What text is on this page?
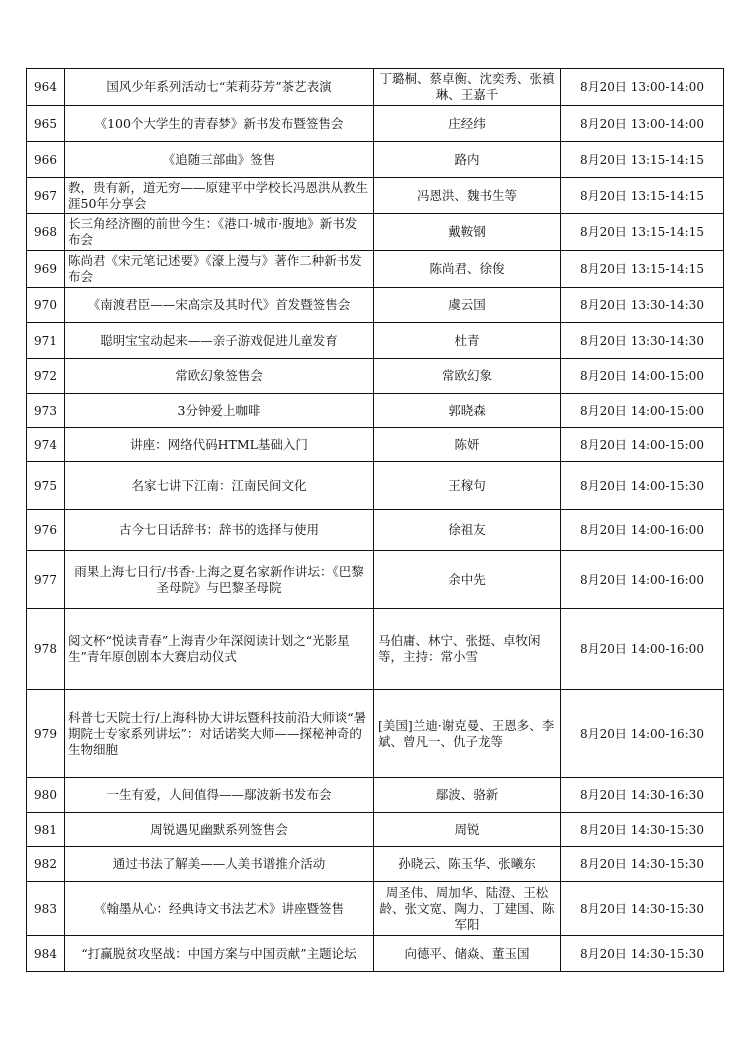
964	国风少年系列活动七“茉莉芬芳”茶艺表演	丁璐桐、蔡卓衡、沈奕秀、张禛琳、王嘉千	8月20日 13:00-14:00
965	《100个大学生的青春梦》新书发布暨签售会	庄经纬	8月20日 13:00-14:00
966	《追随三部曲》签售	路内	8月20日 13:15-14:15
967	教，贵有新，道无穷——原建平中学校长冯恩洪从教生涯50年分享会	冯恩洪、魏书生等	8月20日 13:15-14:15
968	长三角经济圈的前世今生：《港口·城市·腹地》新书发布会	戴鞍钢	8月20日 13:15-14:15
969	陈尚君《宋元笔记述要》《濠上漫与》著作二种新书发布会	陈尚君、徐俊	8月20日 13:15-14:15
970	《南渡君臣——宋高宗及其时代》首发暨签售会	虞云国	8月20日 13:30-14:30
971	聪明宝宝动起来——亲子游戏促进儿童发育	杜青	8月20日 13:30-14:30
972	常欧幻象签售会	常欧幻象	8月20日 14:00-15:00
973	3分钟爱上咖啡	郭晓森	8月20日 14:00-15:00
974	讲座：网络代码HTML基础入门	陈妍	8月20日 14:00-15:00
975	名家七讲下江南：江南民间文化	王稼句	8月20日 14:00-15:30
976	古今七日话辞书：辞书的选择与使用	徐祖友	8月20日 14:00-16:00
977	雨果上海七日行/书香·上海之夏名家新作讲坛：《巴黎圣母院》与巴黎圣母院	余中先	8月20日 14:00-16:00
978	阅文杯“悦读青春”上海青少年深阅读计划之“光影星生”青年原创剧本大赛启动仪式	马伯庸、林宁、张挺、卓牧闲等，主持：常小雪	8月20日 14:00-16:00
979	科普七天院士行/上海科协大讲坛暨科技前沿大师谈“暑期院士专家系列讲坛”：对话诺奖大师——探秘神奇的生物细胞	[美国]兰迪·谢克曼、王恩多、李斌、曾凡一、仇子龙等	8月20日 14:00-16:30
980	一生有爱，人间值得——鄢波新书发布会	鄢波、骆新	8月20日 14:30-16:30
981	周锐遇见幽默系列签售会	周锐	8月20日 14:30-15:30
982	通过书法了解美——人美书谱推介活动	孙晓云、陈玉华、张曦东	8月20日 14:30-15:30
983	《翰墨从心：经典诗文书法艺术》讲座暨签售	周圣伟、周加华、陆澄、王松龄、张文宽、陶力、丁建国、陈军阳	8月20日 14:30-15:30
984	“打赢脱贫攻坚战：中国方案与中国贡献”主题论坛	向德平、储焱、董玉国	8月20日 14:30-15:30
